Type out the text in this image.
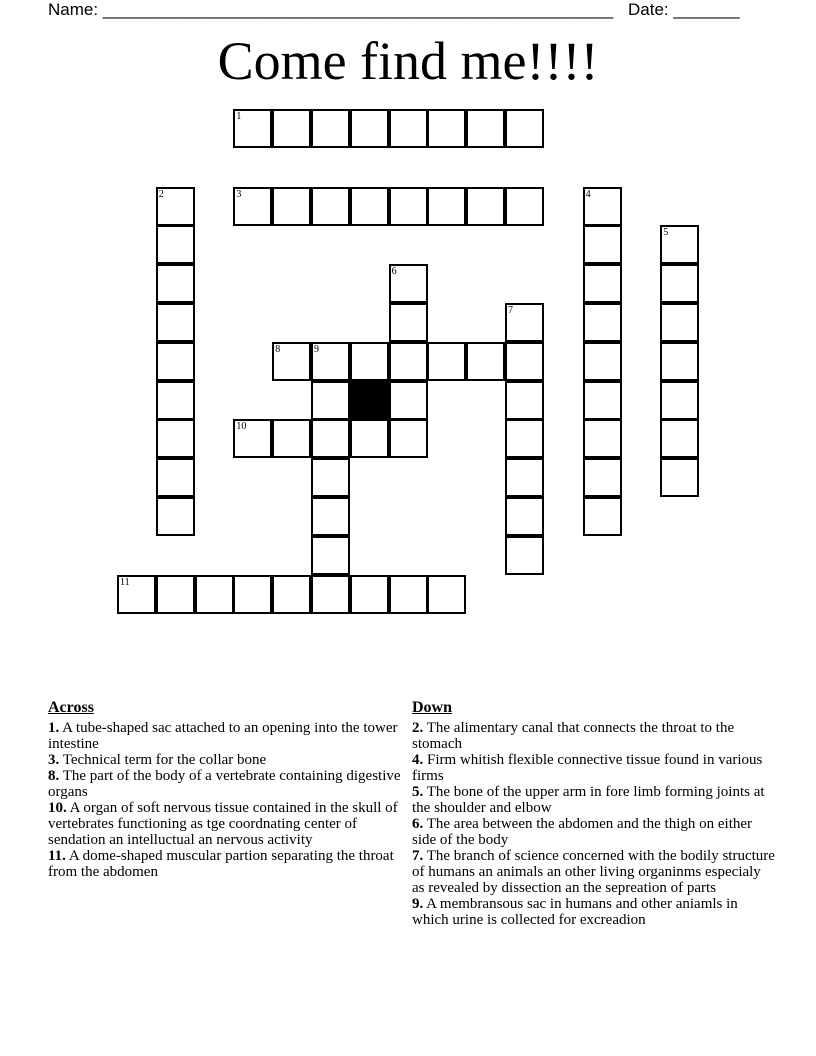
Name: ______________________________________________________ Date: _______
Come find me!!!!
1
3
8	9
10
11
2	4
5
6
7
Across
1. A tube-shaped sac attached to an opening into the tower intestine
3. Technical term for the collar bone
8. The part of the body of a vertebrate containing digestive organs
10. A organ of soft nervous tissue contained in the skull of vertebrates functioning as tge coordnating center of sendation an intelluctual an nervous activity
11. A dome-shaped muscular partion separating the throat from the abdomen
Down
2. The alimentary canal that connects the throat to the stomach
4. Firm whitish flexible connective tissue found in various firms
5. The bone of the upper arm in fore limb forming joints at the shoulder and elbow
6. The area between the abdomen and the thigh on either side of the body
7. The branch of science concerned with the bodily structure of humans an animals an other living organinms especialy as revealed by dissection an the sepreation of parts
9. A membransous sac in humans and other aniamls in which urine is collected for excreadion
